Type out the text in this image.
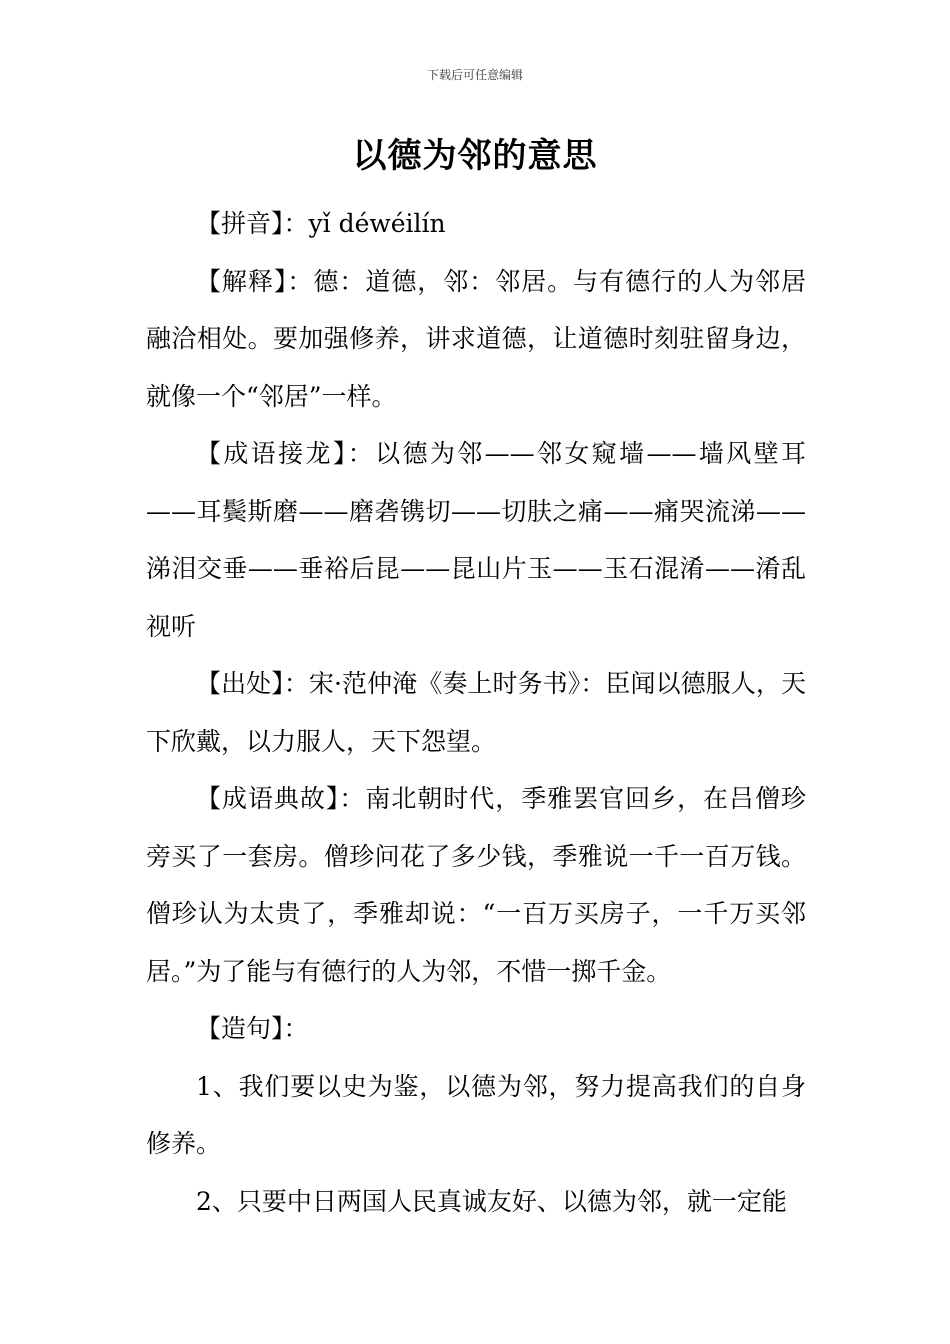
下载后可任意编辑
以德为邻的意思

【拼音】：yǐ déwéilín

【解释】：德：道德，邻：邻居。与有德行的人为邻居融洽相处。要加强修养，讲求道德，让道德时刻驻留身边，就像一个“邻居”一样。

【成语接龙】：以德为邻——邻女窥墙——墙风壁耳——耳鬓斯磨——磨砻镌切——切肤之痛——痛哭流涕——涕泪交垂——垂裕后昆——昆山片玉——玉石混淆——淆乱视听

【出处】：宋·范仲淹《奏上时务书》：臣闻以德服人，天下欣戴，以力服人，天下怨望。

【成语典故】：南北朝时代，季雅罢官回乡，在吕僧珍旁买了一套房。僧珍问花了多少钱，季雅说一千一百万钱。僧珍认为太贵了，季雅却说：“一百万买房子，一千万买邻居。”为了能与有德行的人为邻，不惜一掷千金。

【造句】：

1、我们要以史为鉴，以德为邻，努力提高我们的自身修养。

2、只要中日两国人民真诚友好、以德为邻，就一定能
